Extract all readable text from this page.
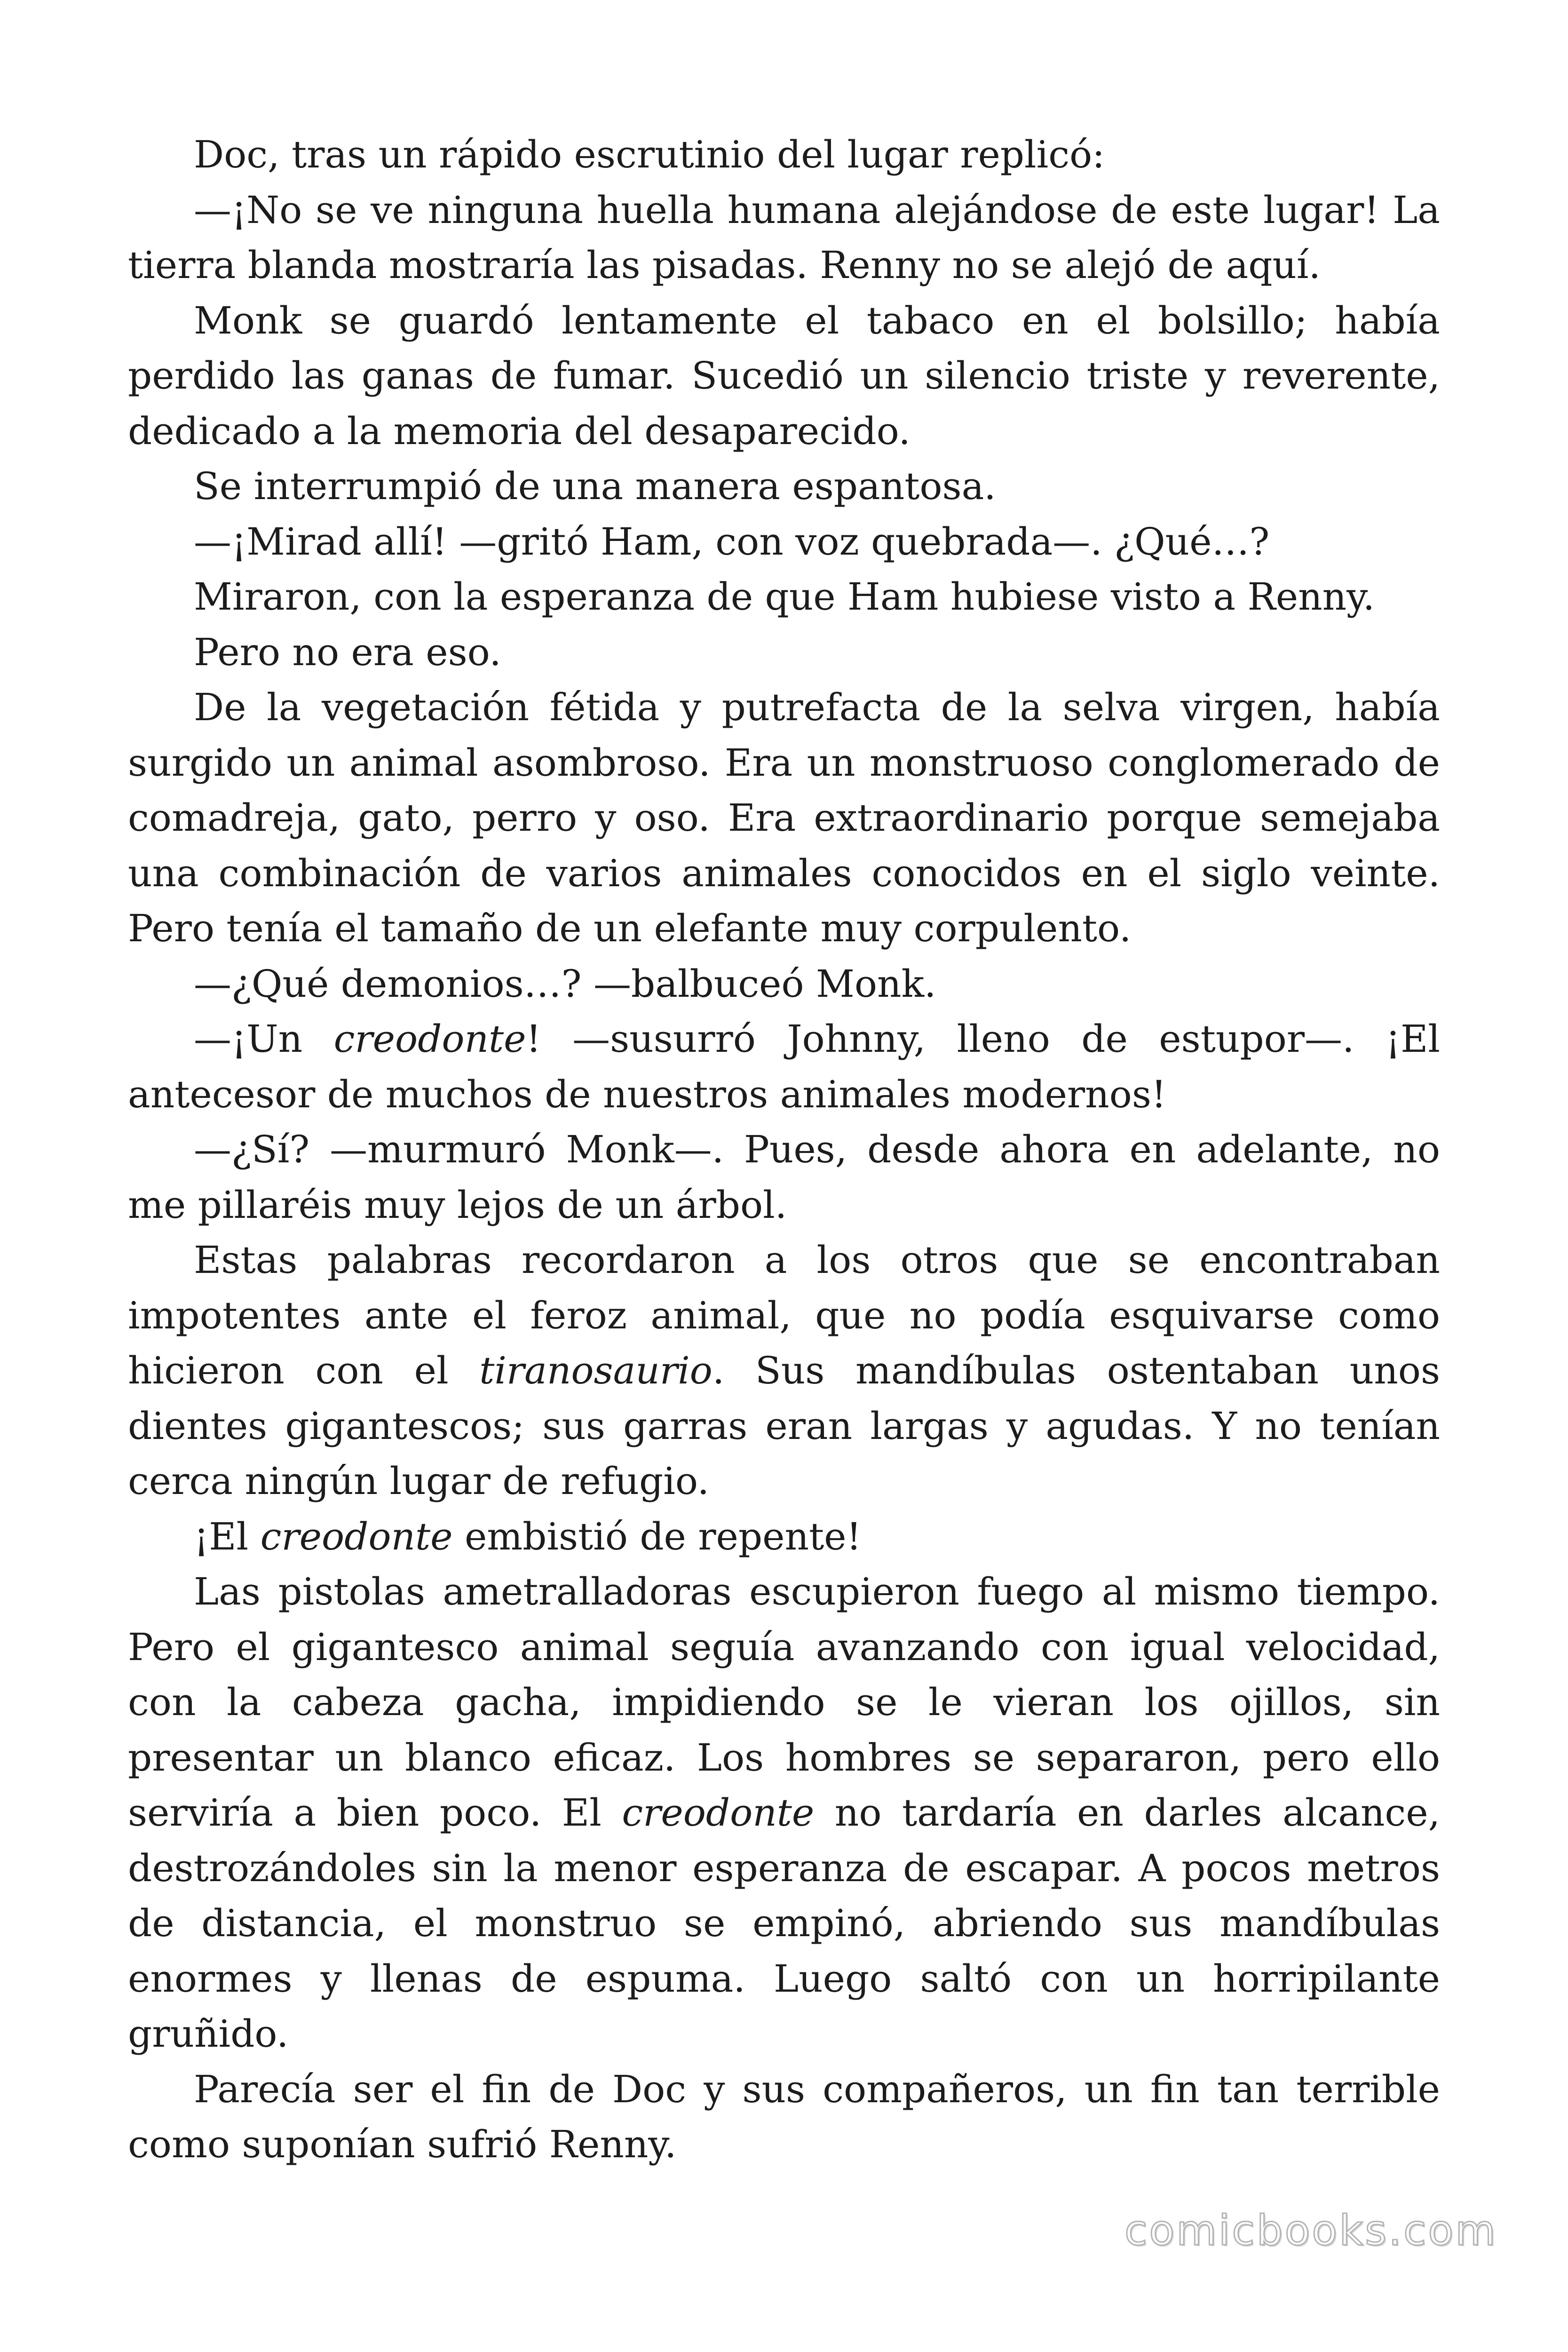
Doc, tras un rápido escrutinio del lugar replicó:

—¡No se ve ninguna huella humana alejándose de este lugar! La tierra blanda mostraría las pisadas. Renny no se alejó de aquí.

Monk se guardó lentamente el tabaco en el bolsillo; había perdido las ganas de fumar. Sucedió un silencio triste y reverente, dedicado a la memoria del desaparecido.

Se interrumpió de una manera espantosa.

—¡Mirad allí! —gritó Ham, con voz quebrada—. ¿Qué…?

Miraron, con la esperanza de que Ham hubiese visto a Renny.

Pero no era eso.

De la vegetación fétida y putrefacta de la selva virgen, había surgido un animal asombroso. Era un monstruoso conglomerado de comadreja, gato, perro y oso. Era extraordinario porque semejaba una combinación de varios animales conocidos en el siglo veinte. Pero tenía el tamaño de un elefante muy corpulento.

—¿Qué demonios…? —balbuceó Monk.

—¡Un creodonte! —susurró Johnny, lleno de estupor—. ¡El antecesor de muchos de nuestros animales modernos!

—¿Sí? —murmuró Monk—. Pues, desde ahora en adelante, no me pillaréis muy lejos de un árbol.

Estas palabras recordaron a los otros que se encontraban impotentes ante el feroz animal, que no podía esquivarse como hicieron con el tiranosaurio. Sus mandíbulas ostentaban unos dientes gigantescos; sus garras eran largas y agudas. Y no tenían cerca ningún lugar de refugio.

¡El creodonte embistió de repente!

Las pistolas ametralladoras escupieron fuego al mismo tiempo. Pero el gigantesco animal seguía avanzando con igual velocidad, con la cabeza gacha, impidiendo se le vieran los ojillos, sin presentar un blanco eficaz. Los hombres se separaron, pero ello serviría a bien poco. El creodonte no tardaría en darles alcance, destrozándoles sin la menor esperanza de escapar. A pocos metros de distancia, el monstruo se empinó, abriendo sus mandíbulas enormes y llenas de espuma. Luego saltó con un horripilante gruñido.

Parecía ser el fin de Doc y sus compañeros, un fin tan terrible como suponían sufrió Renny.

comicbooks.com
